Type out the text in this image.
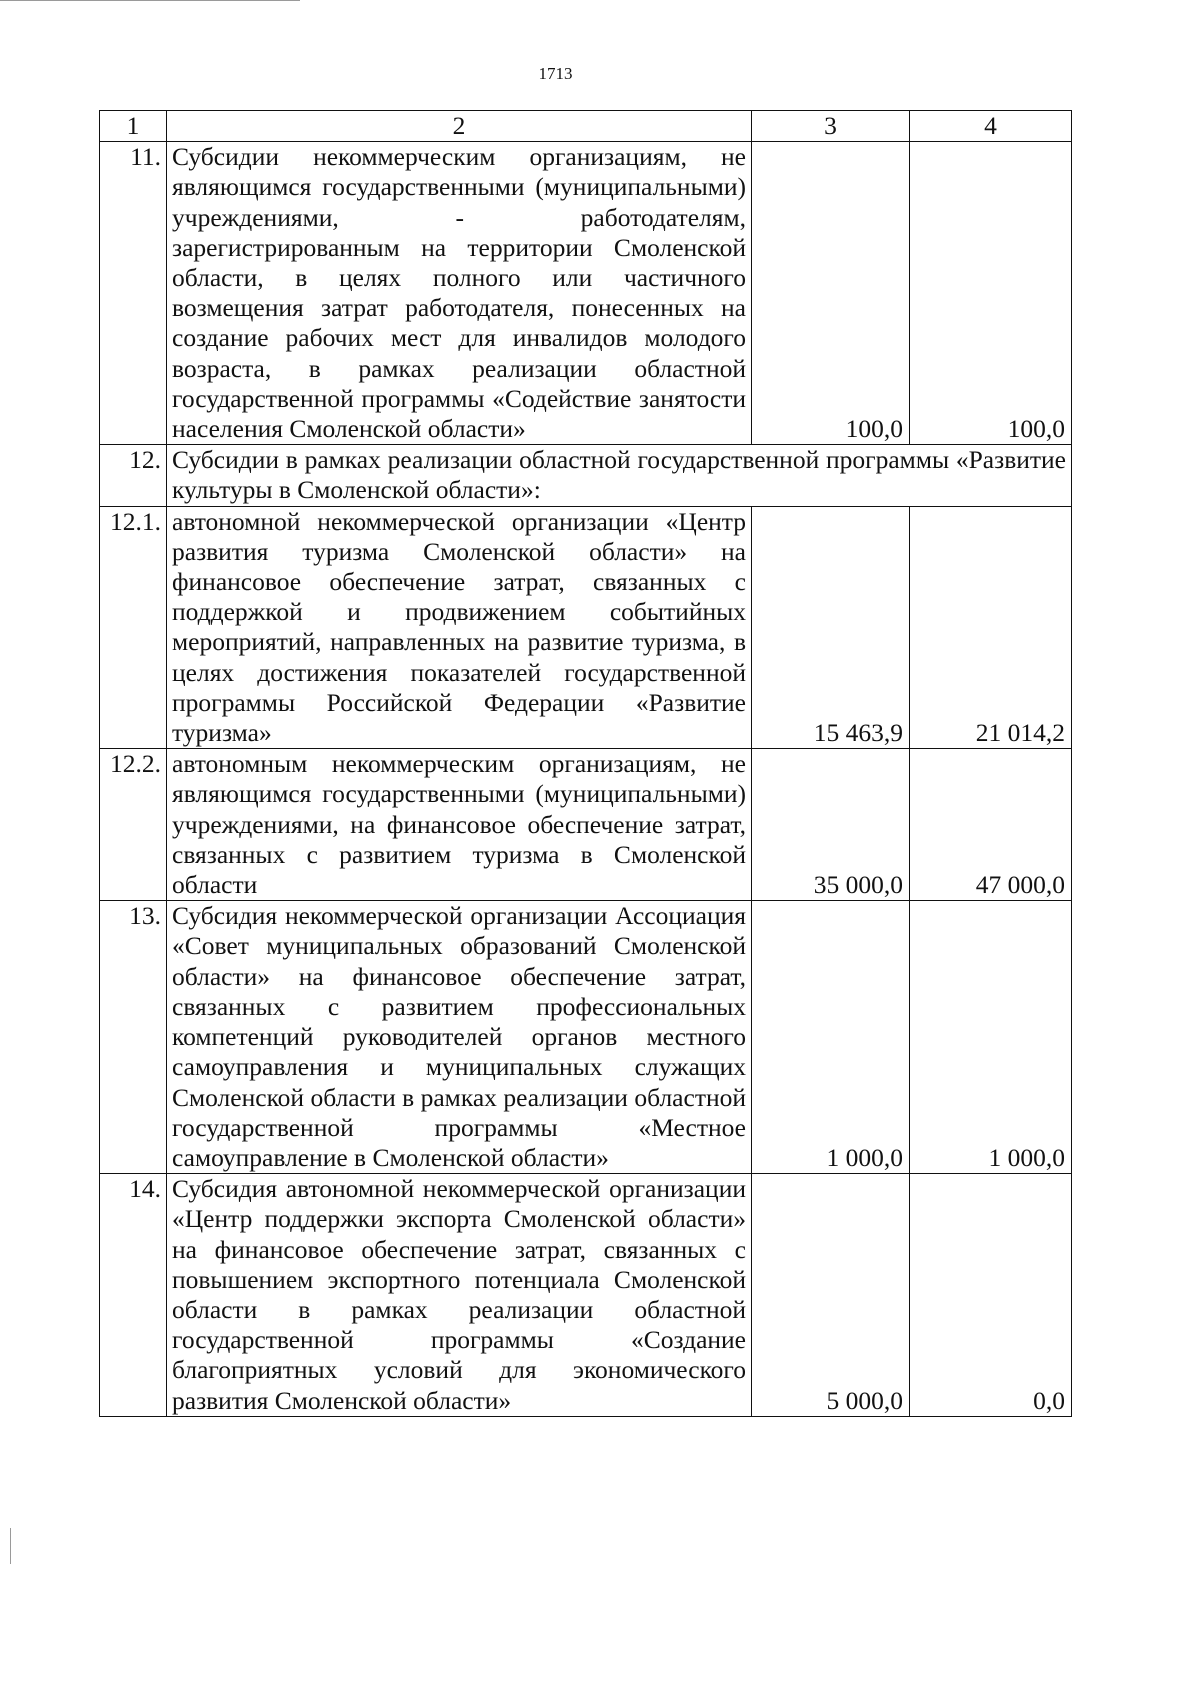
1713
1	2	3	4
11.	Субсидии некоммерческим организациям, не являющимся государственными (муниципальными) учреждениями, - работодателям, зарегистрированным на территории Смоленской области, в целях полного или частичного возмещения затрат работодателя, понесенных на создание рабочих мест для инвалидов молодого возраста, в рамках реализации областной государственной программы «Содействие занятости населения Смоленской области»	100,0	100,0
12.	Субсидии в рамках реализации областной государственной программы «Развитие культуры в Смоленской области»:		
12.1.	автономной некоммерческой организации «Центр развития туризма Смоленской области» на финансовое обеспечение затрат, связанных с поддержкой и продвижением событийных мероприятий, направленных на развитие туризма, в целях достижения показателей государственной программы Российской Федерации «Развитие туризма»	15 463,9	21 014,2
12.2.	автономным некоммерческим организациям, не являющимся государственными (муниципальными) учреждениями, на финансовое обеспечение затрат, связанных с развитием туризма в Смоленской области	35 000,0	47 000,0
13.	Субсидия некоммерческой организации Ассоциация «Совет муниципальных образований Смоленской области» на финансовое обеспечение затрат, связанных с развитием профессиональных компетенций руководителей органов местного самоуправления и муниципальных служащих Смоленской области в рамках реализации областной государственной программы «Местное самоуправление в Смоленской области»	1 000,0	1 000,0
14.	Субсидия автономной некоммерческой организации «Центр поддержки экспорта Смоленской области» на финансовое обеспечение затрат, связанных с повышением экспортного потенциала Смоленской области в рамках реализации областной государственной программы «Создание благоприятных условий для экономического развития Смоленской области»	5 000,0	0,0
